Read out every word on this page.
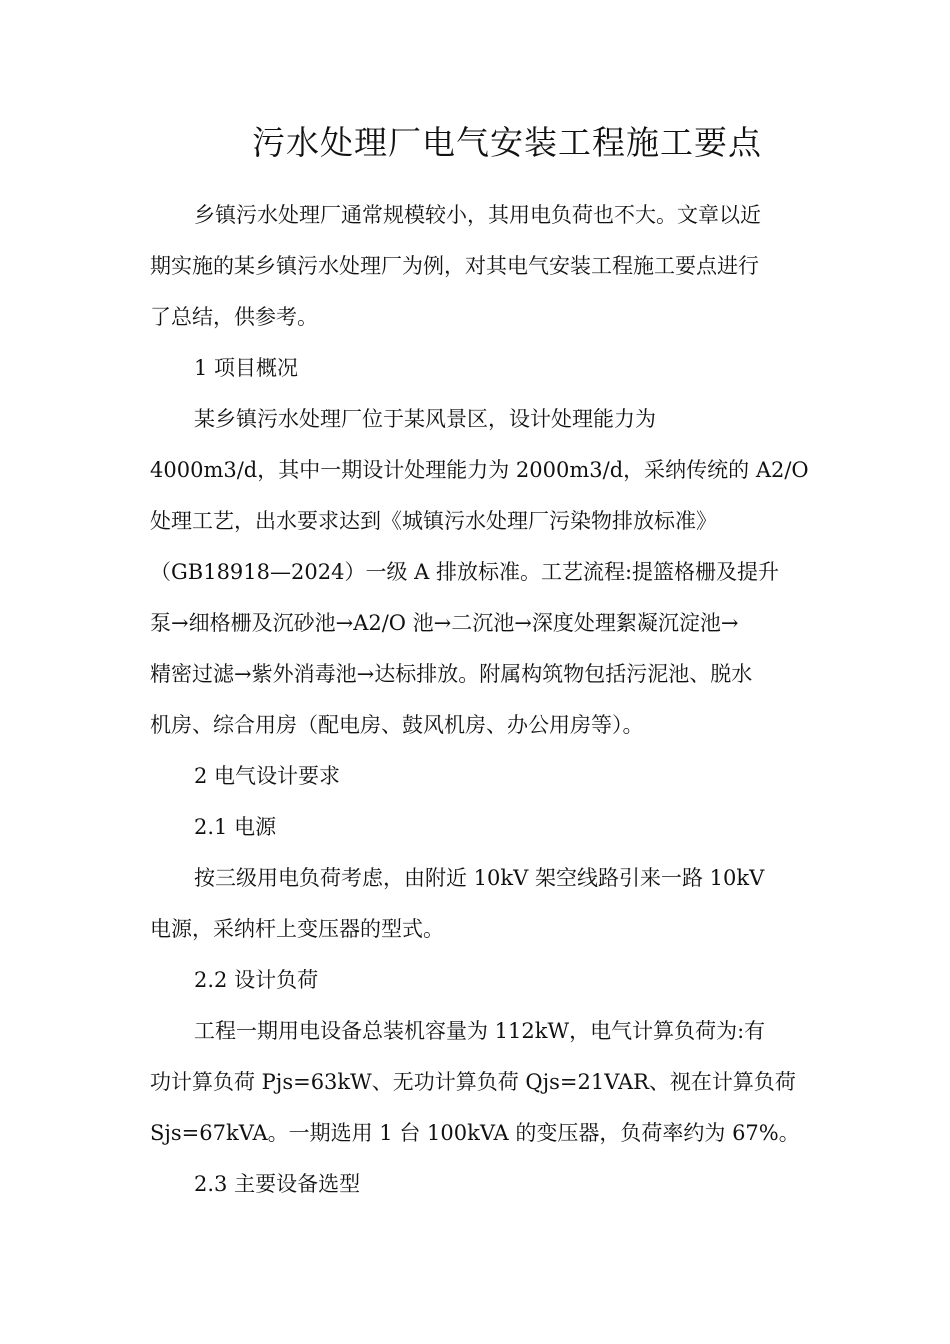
污水处理厂电气安装工程施工要点
乡镇污水处理厂通常规模较小，其用电负荷也不大。文章以近
期实施的某乡镇污水处理厂为例，对其电气安装工程施工要点进行
了总结，供参考。
1 项目概况
某乡镇污水处理厂位于某风景区，设计处理能力为
4000m3/d，其中一期设计处理能力为 2000m3/d，采纳传统的 A2/O
处理工艺，出水要求达到《城镇污水处理厂污染物排放标准》
（GB18918—2024）一级 A 排放标准。工艺流程:提篮格栅及提升
泵→细格栅及沉砂池→A2/O 池→二沉池→深度处理絮凝沉淀池→
精密过滤→紫外消毒池→达标排放。附属构筑物包括污泥池、脱水
机房、综合用房（配电房、鼓风机房、办公用房等）。
2 电气设计要求
2.1 电源
按三级用电负荷考虑，由附近 10kV 架空线路引来一路 10kV
电源，采纳杆上变压器的型式。
2.2 设计负荷
工程一期用电设备总装机容量为 112kW，电气计算负荷为:有
功计算负荷 Pjs=63kW、无功计算负荷 Qjs=21VAR、视在计算负荷
Sjs=67kVA。一期选用 1 台 100kVA 的变压器，负荷率约为 67%。
2.3 主要设备选型
